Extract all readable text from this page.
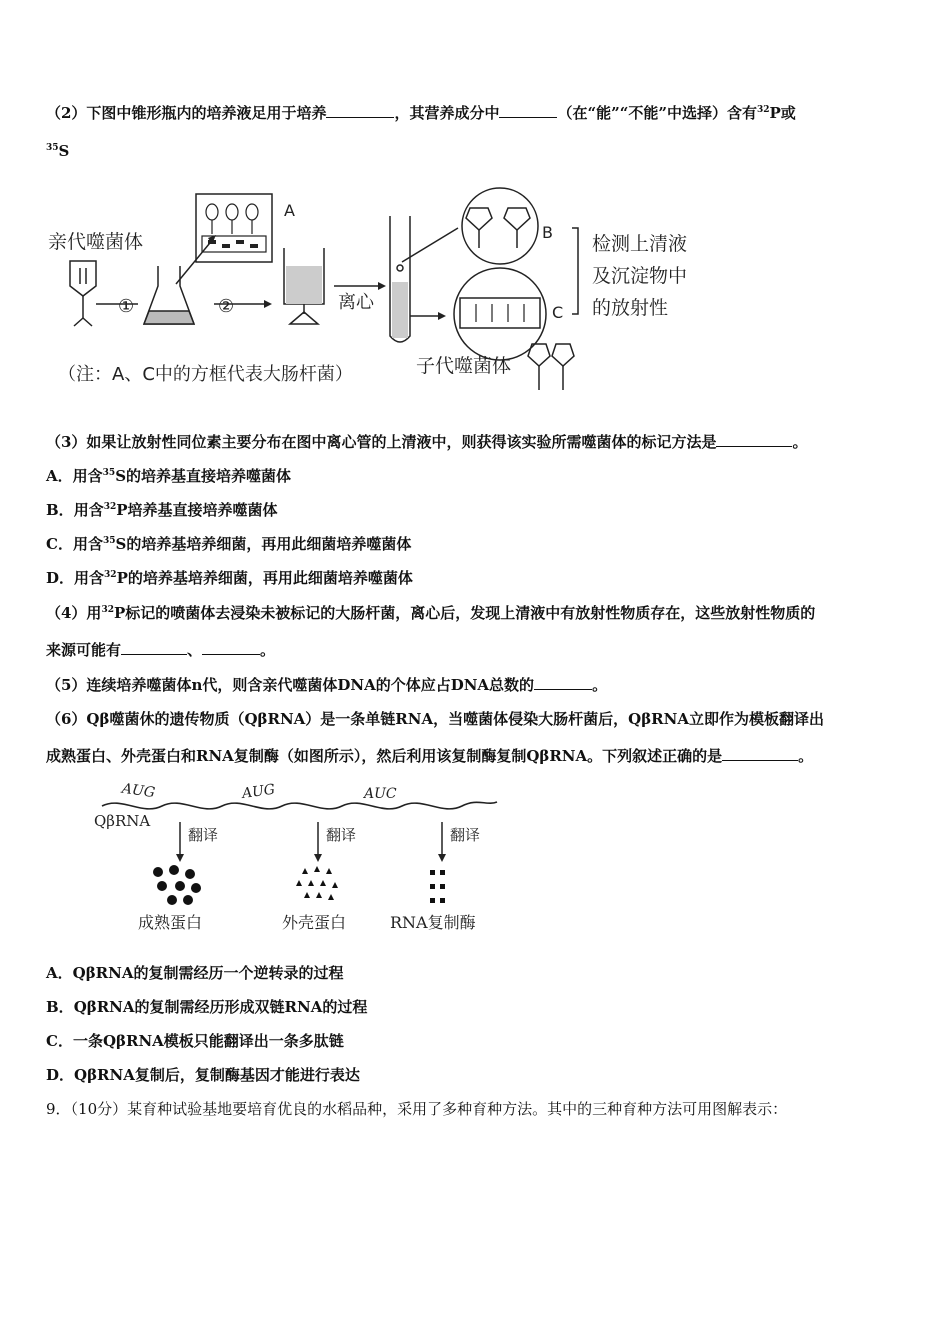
（2）下图中锥形瓶内的培养液足用于培养	，其营养成分中	（在“能”“不能”中选择）含有$^{32}$P或
$^{35}$S
亲代噬菌体
①
A
②	离心
B
C
检测上清液
及沉淀物中
的放射性
（注：A、C中的方框代表大肠杆菌）	子代噬菌体
（3）如果让放射性同位素主要分布在图中离心管的上清液中，则获得该实验所需噬菌体的标记方法是	。
A．用含$^{35}$S的培养基直接培养噬菌体
B．用含$^{32}$P培养基直接培养噬菌体
C．用含$^{35}$S的培养基培养细菌，再用此细菌培养噬菌体
D．用含$^{32}$P的培养基培养细菌，再用此细菌培养噬菌体
（4）用$^{32}$P标记的喷菌体去浸染未被标记的大肠杆菌，离心后，发现上清液中有放射性物质存在，这些放射性物质的
来源可能有	、	。
（5）连续培养噬菌体n代，则含亲代噬菌体DNA的个体应占DNA总数的	。
（6）Qβ噬菌休的遗传物质（QβRNA）是一条单链RNA，当噬菌体侵染大肠杆菌后，QβRNA立即作为模板翻译出
成熟蛋白、外壳蛋白和RNA复制酶（如图所示），然后利用该复制酶复制QβRNA。下列叙述正确的是	。
QβRNA
AUG	AUG	AUC
翻译	翻译	翻译
成熟蛋白	外壳蛋白	RNA复制酶
A．QβRNA的复制需经历一个逆转录的过程
B．QβRNA的复制需经历形成双链RNA的过程
C．一条QβRNA模板只能翻译出一条多肽链
D．QβRNA复制后，复制酶基因才能进行表达
9．（10分）某育种试验基地要培育优良的水稻品种，采用了多种育种方法。其中的三种育种方法可用图解表示：
